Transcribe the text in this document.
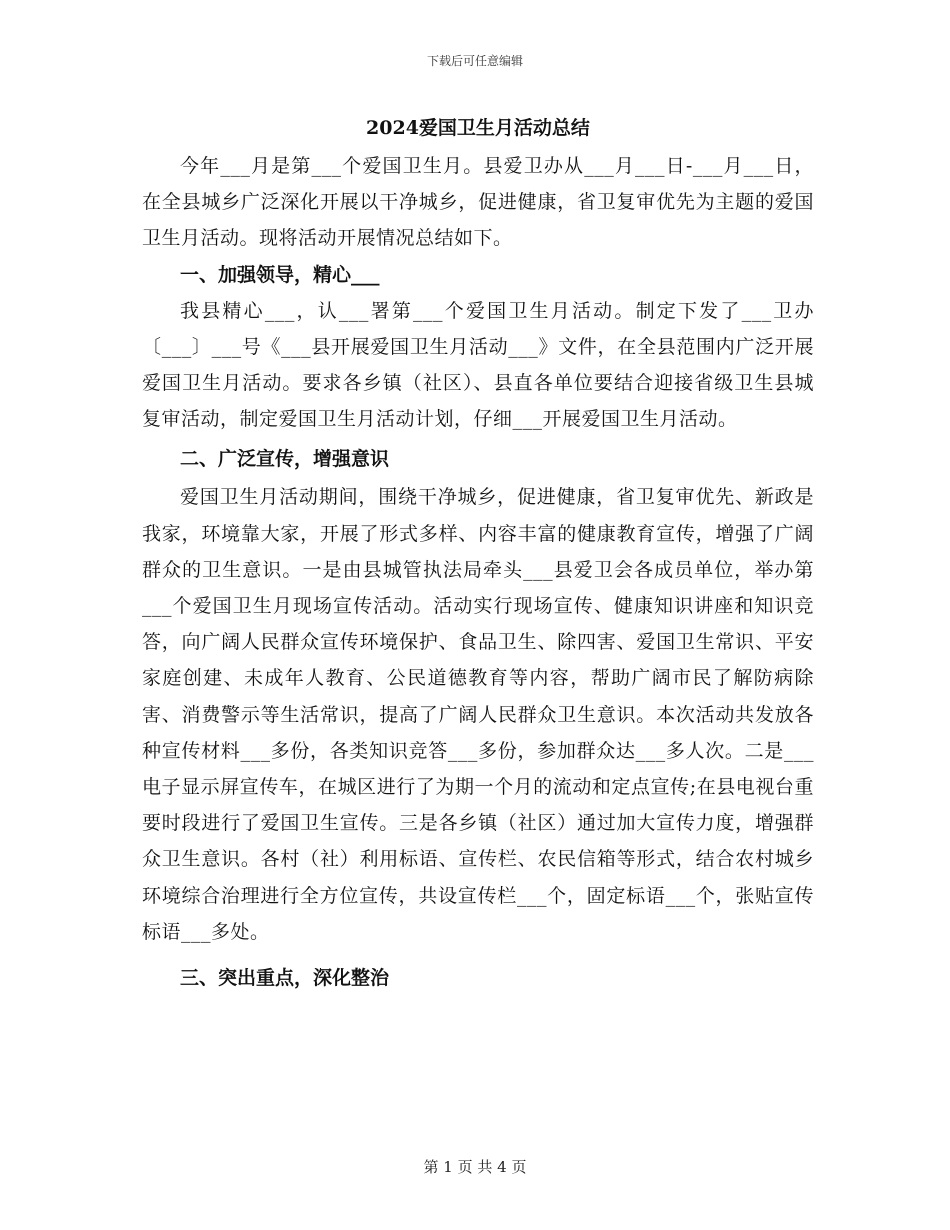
下载后可任意编辑
2024爱国卫生月活动总结

今年___月是第___个爱国卫生月。县爱卫办从___月___日-___月___日，在全县城乡广泛深化开展以干净城乡，促进健康，省卫复审优先为主题的爱国卫生月活动。现将活动开展情况总结如下。

一、加强领导，精心___

我县精心___，认___署第___个爱国卫生月活动。制定下发了___卫办〔___〕___号《___县开展爱国卫生月活动___》文件，在全县范围内广泛开展爱国卫生月活动。要求各乡镇（社区）、县直各单位要结合迎接省级卫生县城复审活动，制定爱国卫生月活动计划，仔细___开展爱国卫生月活动。

二、广泛宣传，增强意识

爱国卫生月活动期间，围绕干净城乡，促进健康，省卫复审优先、新政是我家，环境靠大家，开展了形式多样、内容丰富的健康教育宣传，增强了广阔群众的卫生意识。一是由县城管执法局牵头___县爱卫会各成员单位，举办第___个爱国卫生月现场宣传活动。活动实行现场宣传、健康知识讲座和知识竞答，向广阔人民群众宣传环境保护、食品卫生、除四害、爱国卫生常识、平安家庭创建、未成年人教育、公民道德教育等内容，帮助广阔市民了解防病除害、消费警示等生活常识，提高了广阔人民群众卫生意识。本次活动共发放各种宣传材料___多份，各类知识竞答___多份，参加群众达___多人次。二是___电子显示屏宣传车，在城区进行了为期一个月的流动和定点宣传;在县电视台重要时段进行了爱国卫生宣传。三是各乡镇（社区）通过加大宣传力度，增强群众卫生意识。各村（社）利用标语、宣传栏、农民信箱等形式，结合农村城乡环境综合治理进行全方位宣传，共设宣传栏___个，固定标语___个，张贴宣传标语___多处。

三、突出重点，深化整治
第 1 页 共 4 页
